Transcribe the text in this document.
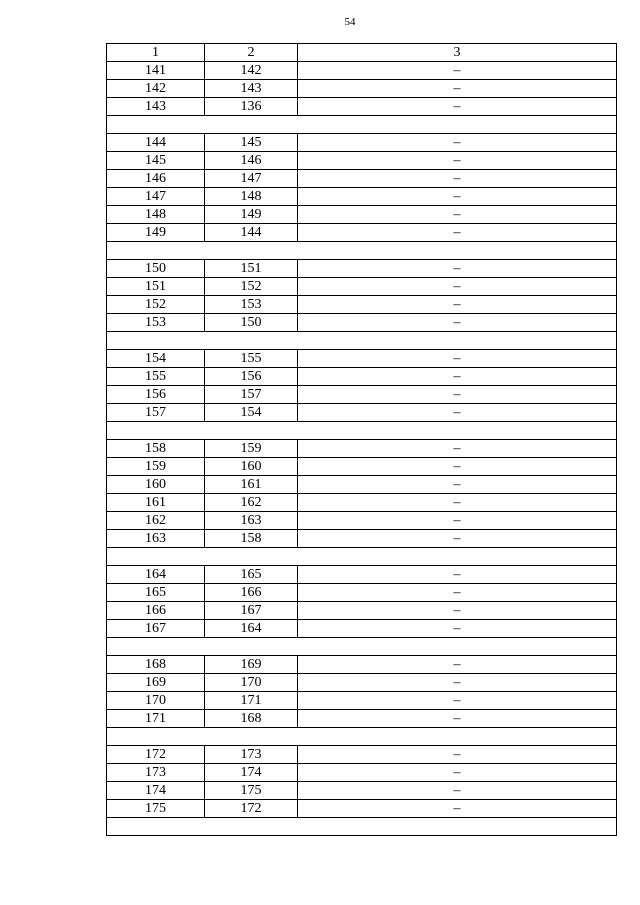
54
1	2	3
141	142	–
142	143	–
143	136	–
144	145	–
145	146	–
146	147	–
147	148	–
148	149	–
149	144	–
150	151	–
151	152	–
152	153	–
153	150	–
154	155	–
155	156	–
156	157	–
157	154	–
158	159	–
159	160	–
160	161	–
161	162	–
162	163	–
163	158	–
164	165	–
165	166	–
166	167	–
167	164	–
168	169	–
169	170	–
170	171	–
171	168	–
172	173	–
173	174	–
174	175	–
175	172	–
